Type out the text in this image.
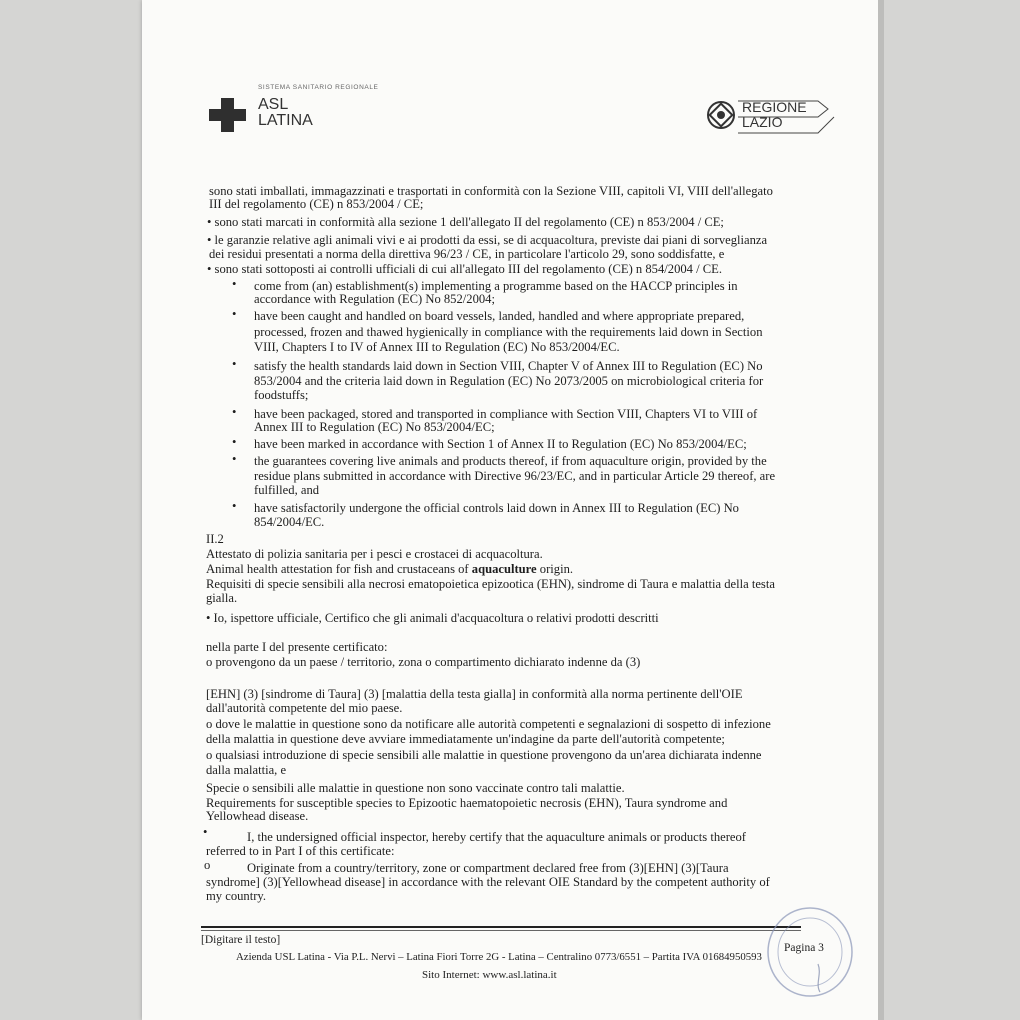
SISTEMA SANITARIO REGIONALE
ASL
LATINA
REGIONE
LAZIO
sono stati imballati, immagazzinati e trasportati in conformità con la Sezione VIII, capitoli VI, VIII dell'allegato
III del regolamento (CE) n 853/2004 / CE;
• sono stati marcati in conformità alla sezione 1 dell'allegato II del regolamento (CE) n 853/2004 / CE;
• le garanzie relative agli animali vivi e ai prodotti da essi, se di acquacoltura, previste dai piani di sorveglianza
dei residui presentati a norma della direttiva 96/23 / CE, in particolare l'articolo 29, sono soddisfatte, e
• sono stati sottoposti ai controlli ufficiali di cui all'allegato III del regolamento (CE) n 854/2004 / CE.
• come from (an) establishment(s) implementing a programme based on the HACCP principles in
accordance with Regulation (EC) No 852/2004;
• have been caught and handled on board vessels, landed, handled and where appropriate prepared,
processed, frozen and thawed hygienically in compliance with the requirements laid down in Section
VIII, Chapters I to IV of Annex III to Regulation (EC) No 853/2004/EC.
• satisfy the health standards laid down in Section VIII, Chapter V of Annex III to Regulation (EC) No
853/2004 and the criteria laid down in Regulation (EC) No 2073/2005 on microbiological criteria for
foodstuffs;
• have been packaged, stored and transported in compliance with Section VIII, Chapters VI to VIII of
Annex III to Regulation (EC) No 853/2004/EC;
• have been marked in accordance with Section 1 of Annex II to Regulation (EC) No 853/2004/EC;
• the guarantees covering live animals and products thereof, if from aquaculture origin, provided by the
residue plans submitted in accordance with Directive 96/23/EC, and in particular Article 29 thereof, are
fulfilled, and
• have satisfactorily undergone the official controls laid down in Annex III to Regulation (EC) No
854/2004/EC.
II.2
Attestato di polizia sanitaria per i pesci e crostacei di acquacoltura.
Animal health attestation for fish and crustaceans of aquaculture origin.
Requisiti di specie sensibili alla necrosi ematopoietica epizootica (EHN), sindrome di Taura e malattia della testa
gialla.
• Io, ispettore ufficiale, Certifico che gli animali d'acquacoltura o relativi prodotti descritti
nella parte I del presente certificato:
o provengono da un paese / territorio, zona o compartimento dichiarato indenne da (3)
[EHN] (3) [sindrome di Taura] (3) [malattia della testa gialla] in conformità alla norma pertinente dell'OIE
dall'autorità competente del mio paese.
o dove le malattie in questione sono da notificare alle autorità competenti e segnalazioni di sospetto di infezione
della malattia in questione deve avviare immediatamente un'indagine da parte dell'autorità competente;
o qualsiasi introduzione di specie sensibili alle malattie in questione provengono da un'area dichiarata indenne
dalla malattia, e
Specie o sensibili alle malattie in questione non sono vaccinate contro tali malattie.
Requirements for susceptible species to Epizootic haematopoietic necrosis (EHN), Taura syndrome and
Yellowhead disease.
•	I, the undersigned official inspector, hereby certify that the aquaculture animals or products thereof
referred to in Part I of this certificate:
o	Originate from a country/territory, zone or compartment declared free from (3)[EHN] (3)[Taura
syndrome] (3)[Yellowhead disease] in accordance with the relevant OIE Standard by the competent authority of
my country.
[Digitare il testo]
Pagina 3
Azienda USL Latina - Via P.L. Nervi – Latina Fiori Torre 2G - Latina – Centralino 0773/6551 – Partita IVA 01684950593
Sito Internet: www.asl.latina.it
